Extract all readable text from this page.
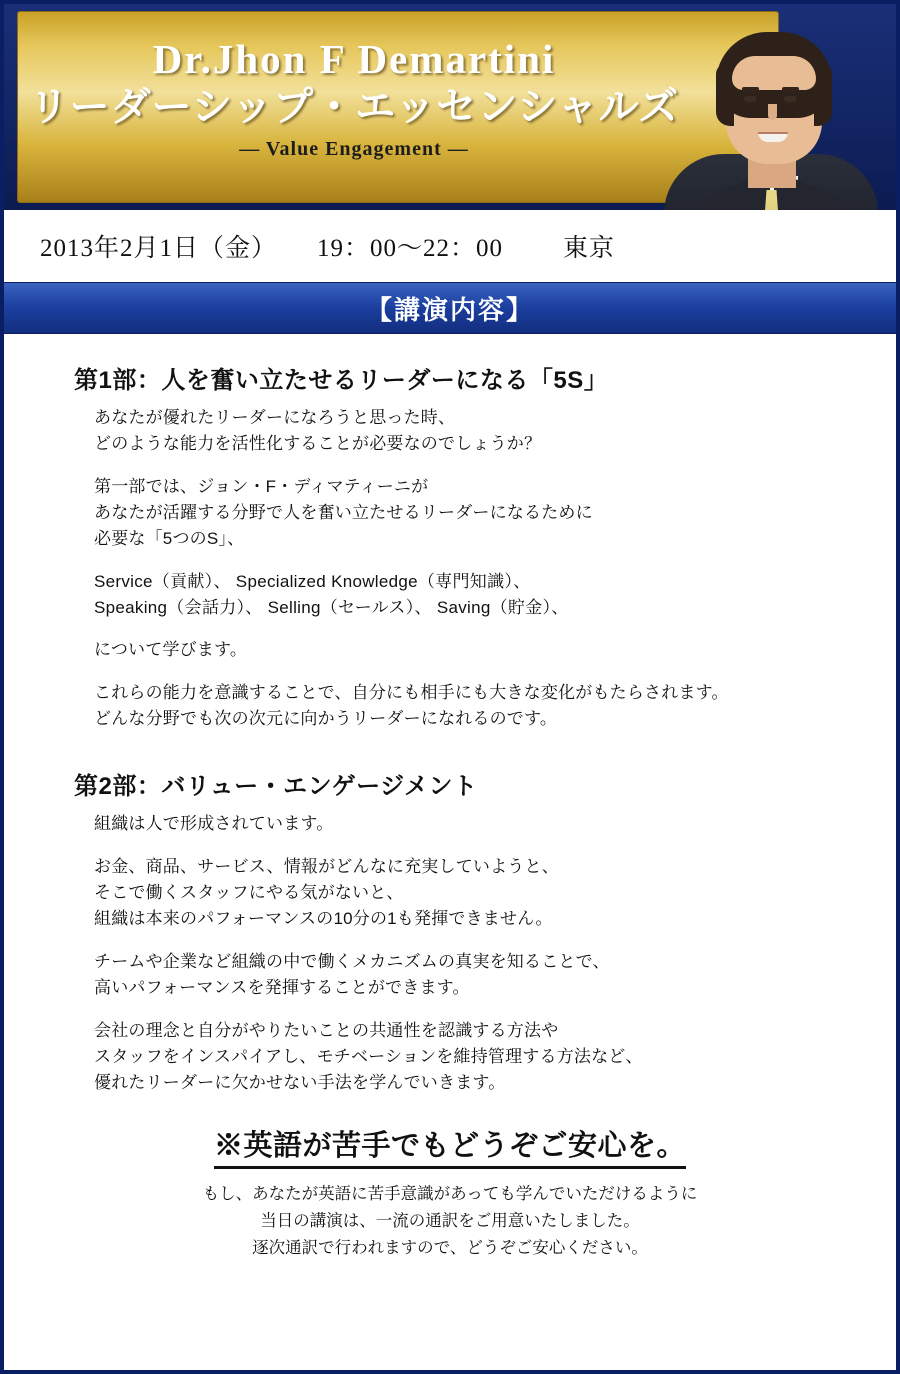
Dr.Jhon F Demartini
リーダーシップ・エッセンシャルズ
— Value Engagement —
2013年2月1日（金） 19：00〜22：00 東京
【講演内容】
第1部：人を奮い立たせるリーダーになる「5S」

あなたが優れたリーダーになろうと思った時、

どのような能力を活性化することが必要なのでしょうか？

第一部では、ジョン・F・ディマティーニが

あなたが活躍する分野で人を奮い立たせるリーダーになるために

必要な「5つのS」、

Service（貢献）、 Specialized Knowledge（専門知識）、

Speaking（会話力）、 Selling（セールス）、 Saving（貯金）、

について学びます。

これらの能力を意識することで、自分にも相手にも大きな変化がもたらされます。

どんな分野でも次の次元に向かうリーダーになれるのです。

第2部：バリュー・エンゲージメント

組織は人で形成されています。

お金、商品、サービス、情報がどんなに充実していようと、

そこで働くスタッフにやる気がないと、

組織は本来のパフォーマンスの10分の1も発揮できません。

チームや企業など組織の中で働くメカニズムの真実を知ることで、

高いパフォーマンスを発揮することができます。

会社の理念と自分がやりたいことの共通性を認識する方法や

スタッフをインスパイアし、モチベーションを維持管理する方法など、

優れたリーダーに欠かせない手法を学んでいきます。

※英語が苦手でもどうぞご安心を。

もし、あなたが英語に苦手意識があっても学んでいただけるように

当日の講演は、一流の通訳をご用意いたしました。

逐次通訳で行われますので、どうぞご安心ください。
